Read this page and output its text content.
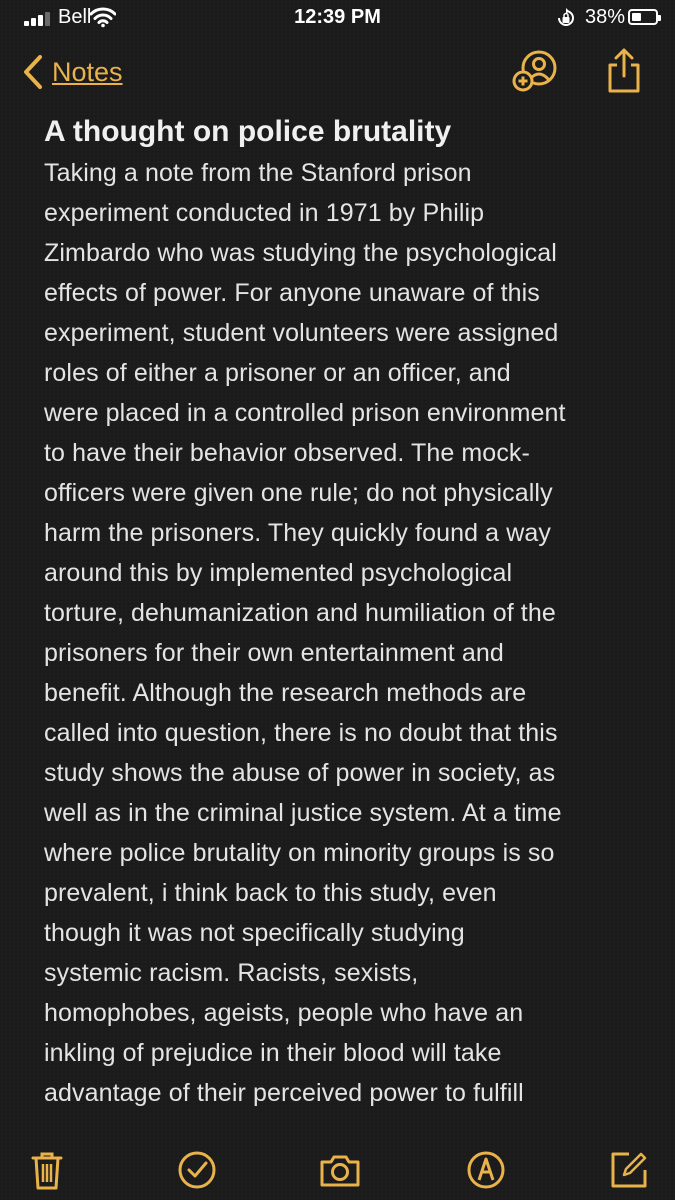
Bell	12:39 PM	38%
Notes
A thought on police brutality
Taking a note from the Stanford prison
experiment conducted in 1971 by Philip
Zimbardo who was studying the psychological
effects of power. For anyone unaware of this
experiment, student volunteers were assigned
roles of either a prisoner or an officer, and
were placed in a controlled prison environment
to have their behavior observed. The mock-
officers were given one rule; do not physically
harm the prisoners. They quickly found a way
around this by implemented psychological
torture, dehumanization and humiliation of the
prisoners for their own entertainment and
benefit. Although the research methods are
called into question, there is no doubt that this
study shows the abuse of power in society, as
well as in the criminal justice system. At a time
where police brutality on minority groups is so
prevalent, i think back to this study, even
though it was not specifically studying
systemic racism. Racists, sexists,
homophobes, ageists, people who have an
inkling of prejudice in their blood will take
advantage of their perceived power to fulfill
